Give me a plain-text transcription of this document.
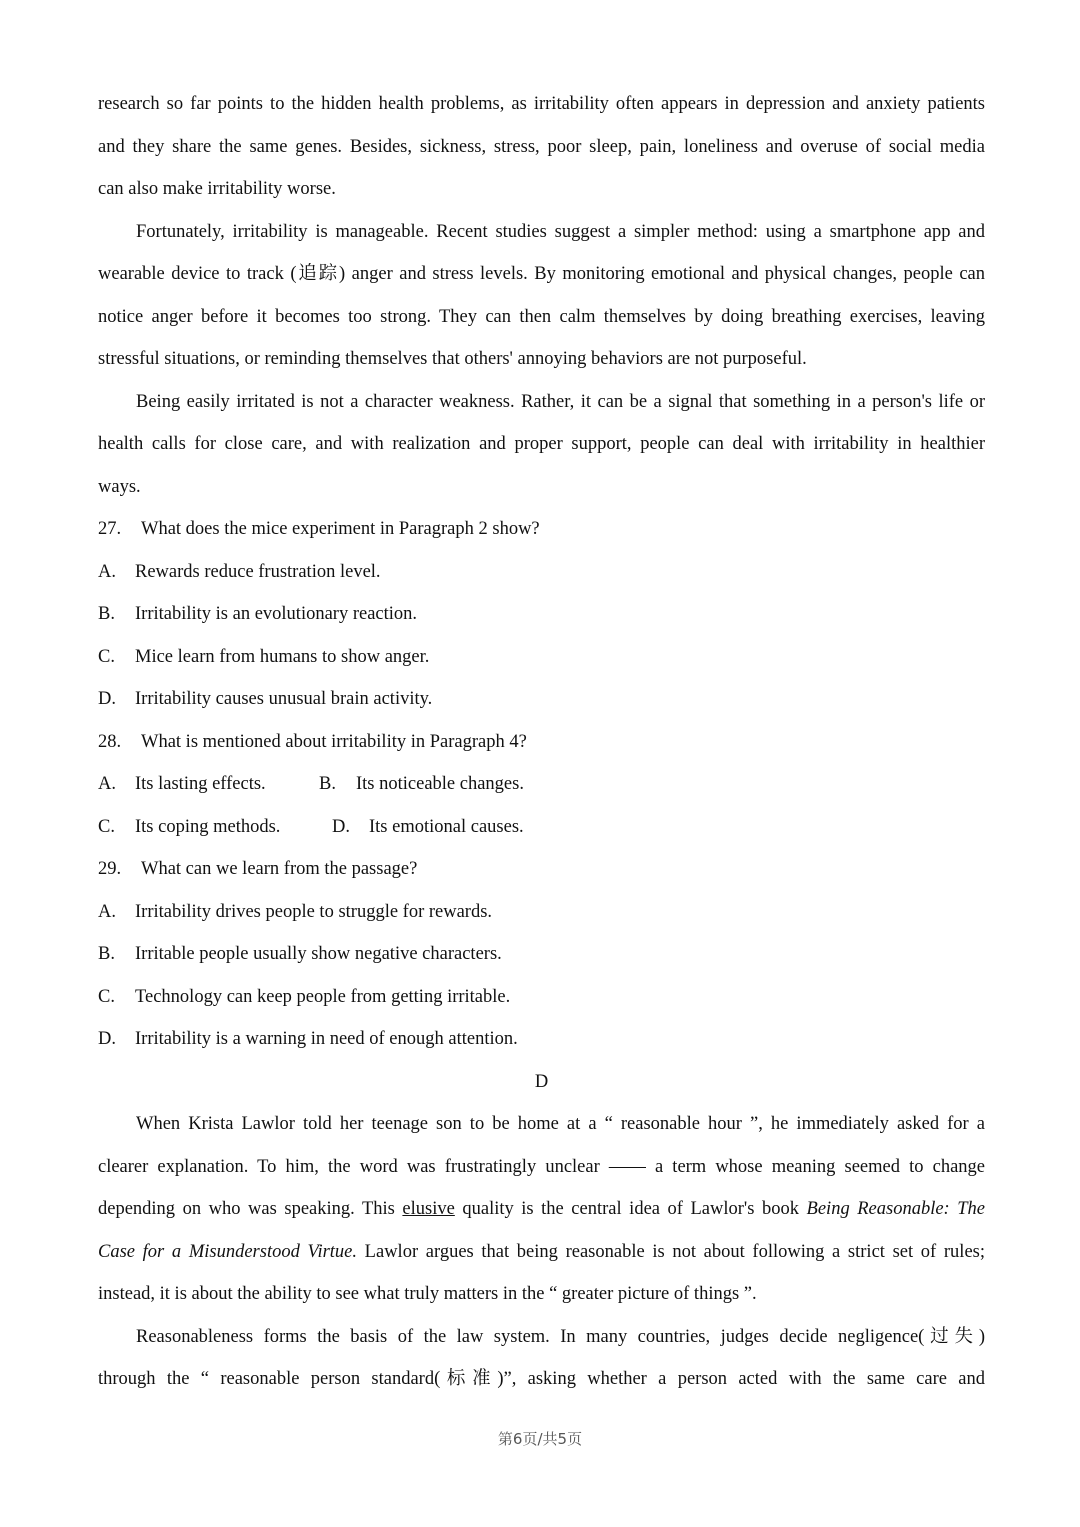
research so far points to the hidden health problems, as irritability often appears in depression and anxiety patients
and they share the same genes. Besides, sickness, stress, poor sleep, pain, loneliness and overuse of social media
can also make irritability worse.
Fortunately, irritability is manageable. Recent studies suggest a simpler method: using a smartphone app and
wearable device to track (追踪) anger and stress levels. By monitoring emotional and physical changes, people can
notice anger before it becomes too strong. They can then calm themselves by doing breathing exercises, leaving
stressful situations, or reminding themselves that others' annoying behaviors are not purposeful.
Being easily irritated is not a character weakness. Rather, it can be a signal that something in a person's life or
health calls for close care, and with realization and proper support, people can deal with irritability in healthier
ways.
27. What does the mice experiment in Paragraph 2 show?
A.	Rewards reduce frustration level.
B.	Irritability is an evolutionary reaction.
C.	Mice learn from humans to show anger.
D.	Irritability causes unusual brain activity.
28. What is mentioned about irritability in Paragraph 4?
A. Its lasting effects.	B. Its noticeable changes.
C. Its coping methods.	D. Its emotional causes.
29. What can we learn from the passage?
A.	Irritability drives people to struggle for rewards.
B.	Irritable people usually show negative characters.
C.	Technology can keep people from getting irritable.
D.	Irritability is a warning in need of enough attention.
D
When Krista Lawlor told her teenage son to be home at a “ reasonable hour ”, he immediately asked for a
clearer explanation. To him, the word was frustratingly unclear —— a term whose meaning seemed to change
depending on who was speaking. This elusive quality is the central idea of Lawlor's book Being Reasonable: The
Case for a Misunderstood Virtue. Lawlor argues that being reasonable is not about following a strict set of rules;
instead, it is about the ability to see what truly matters in the “ greater picture of things ”.
Reasonableness forms the basis of the law system. In many countries, judges decide negligence(过失)
through the “ reasonable person standard(标准)”, asking whether a person acted with the same care and
第6页/共5页
